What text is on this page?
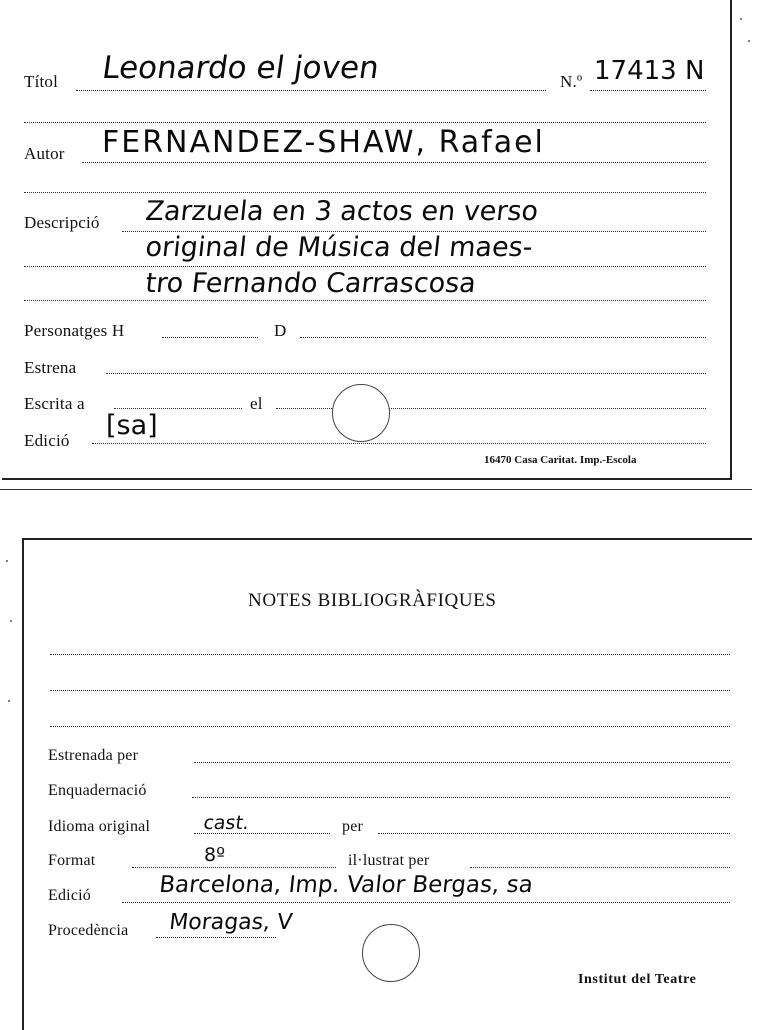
Títol Leonardo el joven	N.º 17413 N
Autor FERNANDEZ-SHAW, Rafael
Descripció Zarzuela en 3 actos en verso
original de Música del maes-
tro Fernando Carrascosa
Personatges H	D
Estrena
Escrita a	el
Edició [sa]
16470 Casa Caritat. Imp.-Escola
NOTES BIBLIOGRÀFIQUES
Estrenada per
Enquadernació
Idioma original	cast.	per
Format	8º	il·lustrat per
Edició	Barcelona, Imp. Valor Bergas, sa
Procedència Moragas, V
Institut del Teatre
